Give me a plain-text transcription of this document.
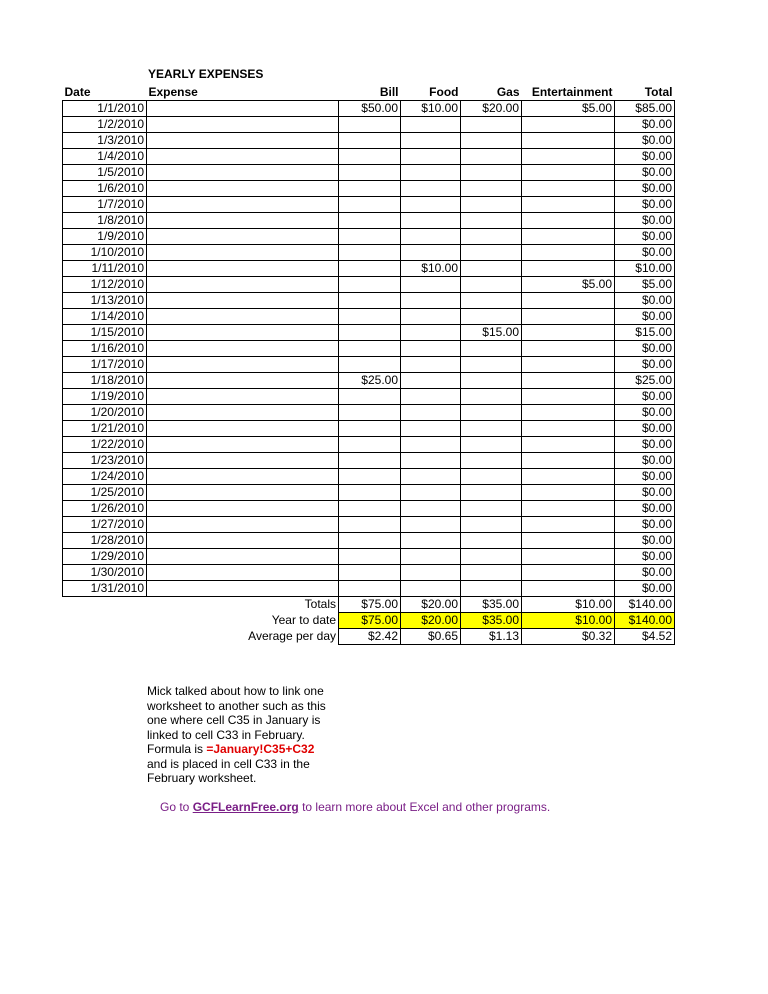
YEARLY EXPENSES
Date	Expense	Bill	Food	Gas	Entertainment	Total
1/1/2010		$50.00	$10.00	$20.00	$5.00	$85.00
1/2/2010						$0.00
1/3/2010						$0.00
1/4/2010						$0.00
1/5/2010						$0.00
1/6/2010						$0.00
1/7/2010						$0.00
1/8/2010						$0.00
1/9/2010						$0.00
1/10/2010						$0.00
1/11/2010			$10.00			$10.00
1/12/2010					$5.00	$5.00
1/13/2010						$0.00
1/14/2010						$0.00
1/15/2010				$15.00		$15.00
1/16/2010						$0.00
1/17/2010						$0.00
1/18/2010		$25.00				$25.00
1/19/2010						$0.00
1/20/2010						$0.00
1/21/2010						$0.00
1/22/2010						$0.00
1/23/2010						$0.00
1/24/2010						$0.00
1/25/2010						$0.00
1/26/2010						$0.00
1/27/2010						$0.00
1/28/2010						$0.00
1/29/2010						$0.00
1/30/2010						$0.00
1/31/2010						$0.00
Totals		$75.00	$20.00	$35.00	$10.00	$140.00
Year to date		$75.00	$20.00	$35.00	$10.00	$140.00
Average per day		$2.42	$0.65	$1.13	$0.32	$4.52
Mick talked about how to link one
worksheet to another such as this
one where cell C35 in January is
linked to cell C33 in February.
Formula is =January!C35+C32
and is placed in cell C33 in the
February worksheet.
Go to GCFLearnFree.org to learn more about Excel and other programs.
